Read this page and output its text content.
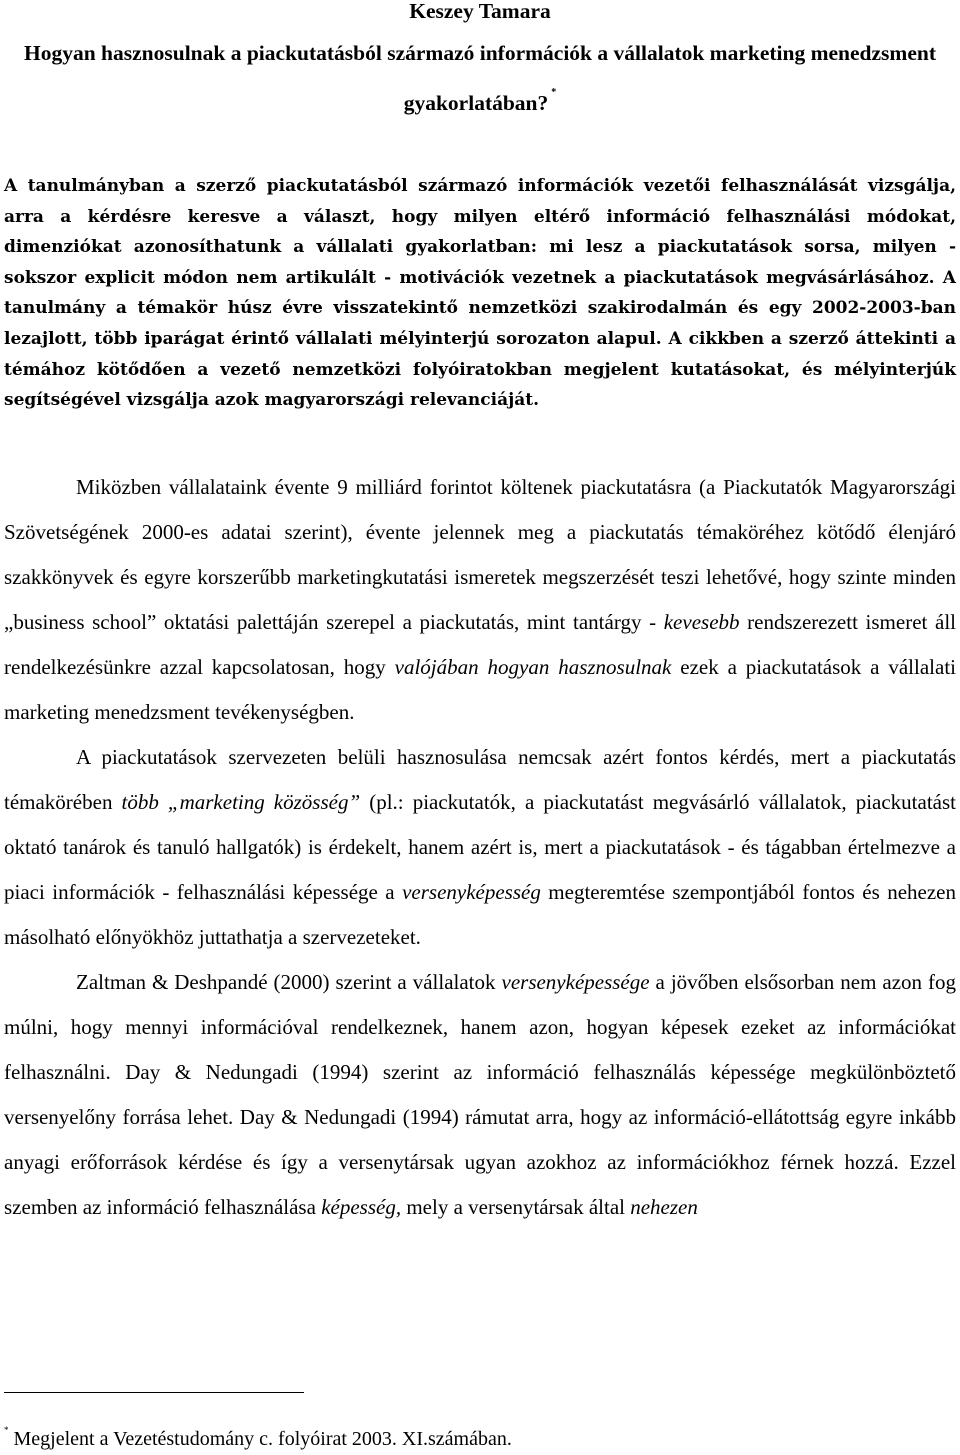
Keszey Tamara
Hogyan hasznosulnak a piackutatásból származó információk a vállalatok marketing menedzsment gyakorlatában? *

A tanulmányban a szerző piackutatásból származó információk vezetői felhasználását vizsgálja, arra a kérdésre keresve a választ, hogy milyen eltérő információ felhasználási módokat, dimenziókat azonosíthatunk a vállalati gyakorlatban: mi lesz a piackutatások sorsa, milyen - sokszor explicit módon nem artikulált - motivációk vezetnek a piackutatások megvásárlásához. A tanulmány a témakör húsz évre visszatekintő nemzetközi szakirodalmán és egy 2002-2003-ban lezajlott, több iparágat érintő vállalati mélyinterjú sorozaton alapul. A cikkben a szerző áttekinti a témához kötődően a vezető nemzetközi folyóiratokban megjelent kutatásokat, és mélyinterjúk segítségével vizsgálja azok magyarországi relevanciáját.

Miközben vállalataink évente 9 milliárd forintot költenek piackutatásra (a Piackutatók Magyarországi Szövetségének 2000-es adatai szerint), évente jelennek meg a piackutatás témaköréhez kötődő élenjáró szakkönyvek és egyre korszerűbb marketingkutatási ismeretek megszerzését teszi lehetővé, hogy szinte minden „business school” oktatási palettáján szerepel a piackutatás, mint tantárgy - kevesebb rendszerezett ismeret áll rendelkezésünkre azzal kapcsolatosan, hogy valójában hogyan hasznosulnak ezek a piackutatások a vállalati marketing menedzsment tevékenységben.

A piackutatások szervezeten belüli hasznosulása nemcsak azért fontos kérdés, mert a piackutatás témakörében több „marketing közösség” (pl.: piackutatók, a piackutatást megvásárló vállalatok, piackutatást oktató tanárok és tanuló hallgatók) is érdekelt, hanem azért is, mert a piackutatások - és tágabban értelmezve a piaci információk - felhasználási képessége a versenyképesség megteremtése szempontjából fontos és nehezen másolható előnyökhöz juttathatja a szervezeteket.

Zaltman & Deshpandé (2000) szerint a vállalatok versenyképessége a jövőben elsősorban nem azon fog múlni, hogy mennyi információval rendelkeznek, hanem azon, hogyan képesek ezeket az információkat felhasználni. Day & Nedungadi (1994) szerint az információ felhasználás képessége megkülönböztető versenyelőny forrása lehet. Day & Nedungadi (1994) rámutat arra, hogy az információ-ellátottság egyre inkább anyagi erőforrások kérdése és így a versenytársak ugyan azokhoz az információkhoz férnek hozzá. Ezzel szemben az információ felhasználása képesség, mely a versenytársak által nehezen

* Megjelent a Vezetéstudomány c. folyóirat 2003. XI.számában.
